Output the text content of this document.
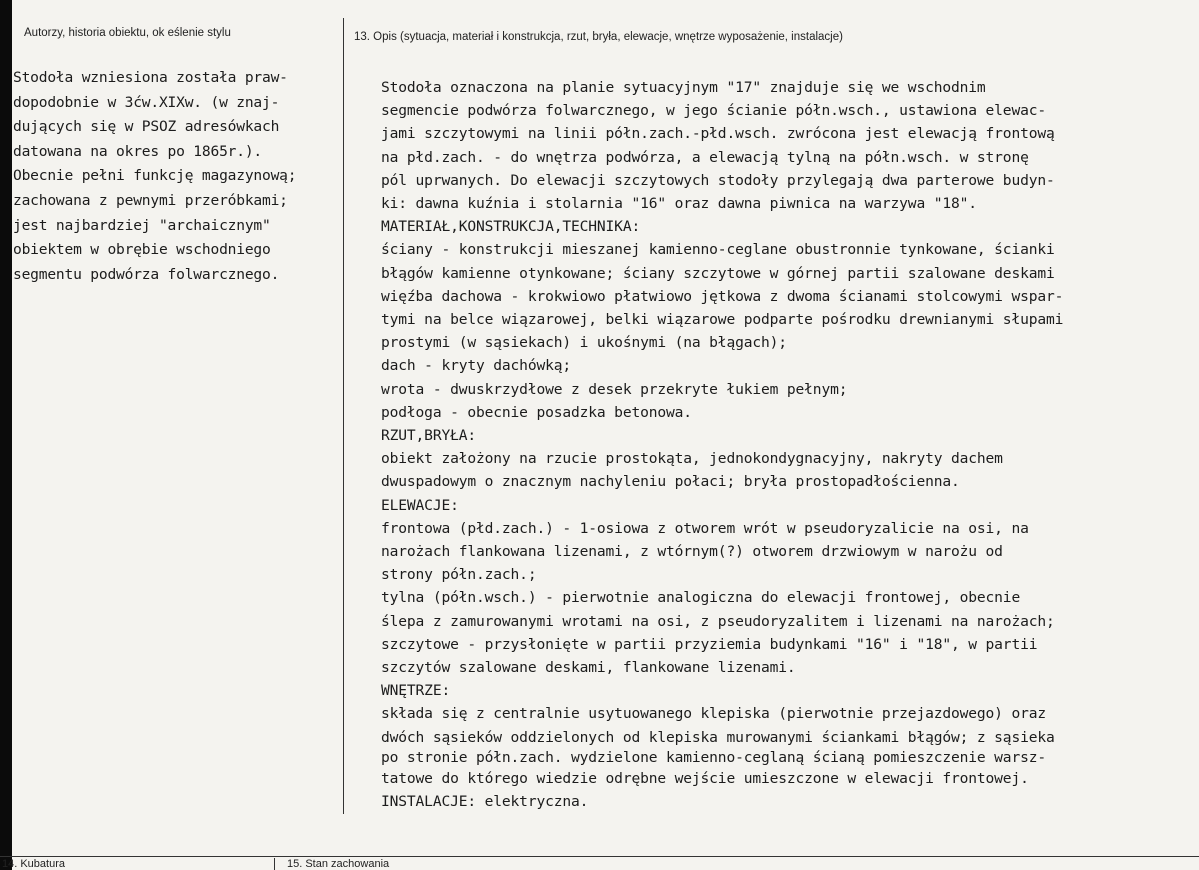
Autorzy, historia obiektu, ok eślenie stylu	13. Opis (sytuacja, materiał i konstrukcja, rzut, bryła, elewacje, wnętrze wyposażenie, instalacje)
Stodoła wzniesiona została praw-
dopodobnie w 3ćw.XIXw. (w znaj-
dujących się w PSOZ adresówkach
datowana na okres po 1865r.).
Obecnie pełni funkcję magazynową;
zachowana z pewnymi przeróbkami;
jest najbardziej "archaicznym"
obiektem w obrębie wschodniego
segmentu podwórza folwarcznego.
Stodoła oznaczona na planie sytuacyjnym "17" znajduje się we wschodnim
segmencie podwórza folwarcznego, w jego ścianie półn.wsch., ustawiona elewac-
jami szczytowymi na linii półn.zach.-płd.wsch. zwrócona jest elewacją frontową
na płd.zach. - do wnętrza podwórza, a elewacją tylną na półn.wsch. w stronę
pól uprwanych. Do elewacji szczytowych stodoły przylegają dwa parterowe budyn-
ki: dawna kuźnia i stolarnia "16" oraz dawna piwnica na warzywa "18".
MATERIAŁ,KONSTRUKCJA,TECHNIKA:
ściany - konstrukcji mieszanej kamienno-ceglane obustronnie tynkowane, ścianki
błągów kamienne otynkowane; ściany szczytowe w górnej partii szalowane deskami
więźba dachowa - krokwiowo płatwiowo jętkowa z dwoma ścianami stolcowymi wspar-
tymi na belce wiązarowej, belki wiązarowe podparte pośrodku drewnianymi słupami
prostymi (w sąsiekach) i ukośnymi (na błągach);
dach - kryty dachówką;
wrota - dwuskrzydłowe z desek przekryte łukiem pełnym;
podłoga - obecnie posadzka betonowa.
RZUT,BRYŁA:
obiekt założony na rzucie prostokąta, jednokondygnacyjny, nakryty dachem
dwuspadowym o znacznym nachyleniu połaci; bryła prostopadłościenna.
ELEWACJE:
frontowa (płd.zach.) - 1-osiowa z otworem wrót w pseudoryzalicie na osi, na
narożach flankowana lizenami, z wtórnym(?) otworem drzwiowym w narożu od
strony półn.zach.;
tylna (półn.wsch.) - pierwotnie analogiczna do elewacji frontowej, obecnie
ślepa z zamurowanymi wrotami na osi, z pseudoryzalitem i lizenami na narożach;
szczytowe - przysłonięte w partii przyziemia budynkami "16" i "18", w partii
szczytów szalowane deskami, flankowane lizenami.
WNĘTRZE:
składa się z centralnie usytuowanego klepiska (pierwotnie przejazdowego) oraz
dwóch sąsieków oddzielonych od klepiska murowanymi ściankami błągów; z sąsieka
po stronie półn.zach. wydzielone kamienno-ceglaną ścianą pomieszczenie warsz-
tatowe do którego wiedzie odrębne wejście umieszczone w elewacji frontowej.
INSTALACJE: elektryczna.
14. Kubatura	15. Stan zachowania
